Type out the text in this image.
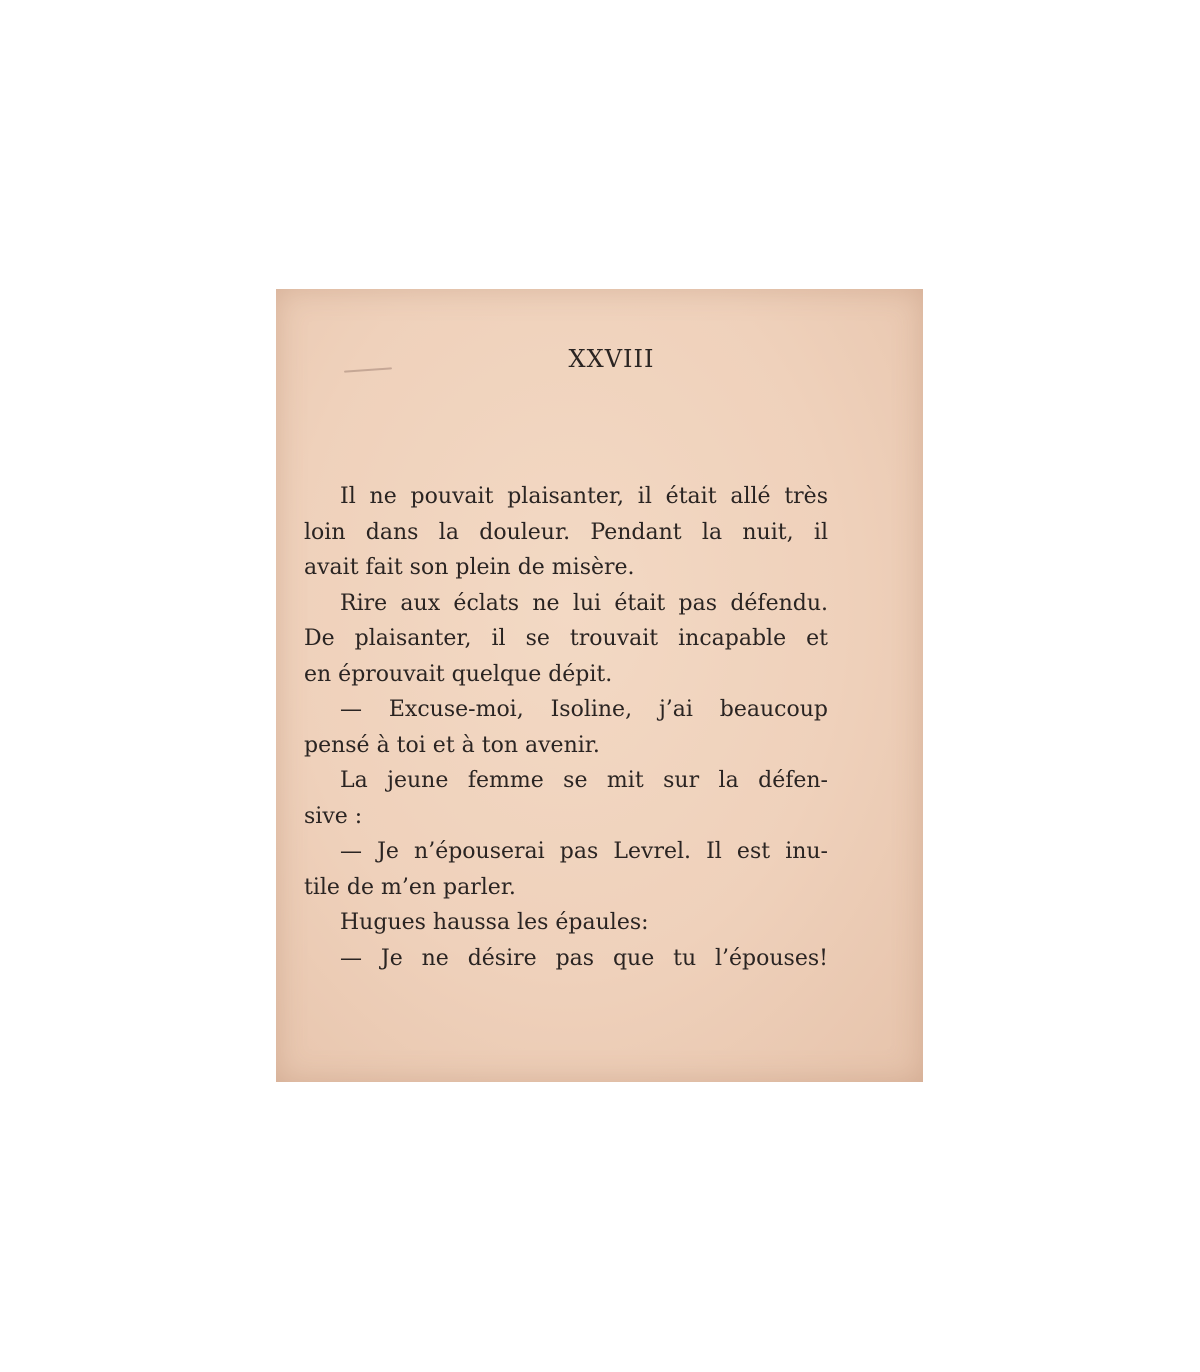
XXVIII
Il ne pouvait plaisanter, il était allé très
loin dans la douleur. Pendant la nuit, il
avait fait son plein de misère.
Rire aux éclats ne lui était pas défendu.
De plaisanter, il se trouvait incapable et
en éprouvait quelque dépit.
— Excuse-moi, Isoline, j’ai beaucoup
pensé à toi et à ton avenir.
La jeune femme se mit sur la défen-
sive :
— Je n’épouserai pas Levrel. Il est inu-
tile de m’en parler.
Hugues haussa les épaules:
— Je ne désire pas que tu l’épouses!
